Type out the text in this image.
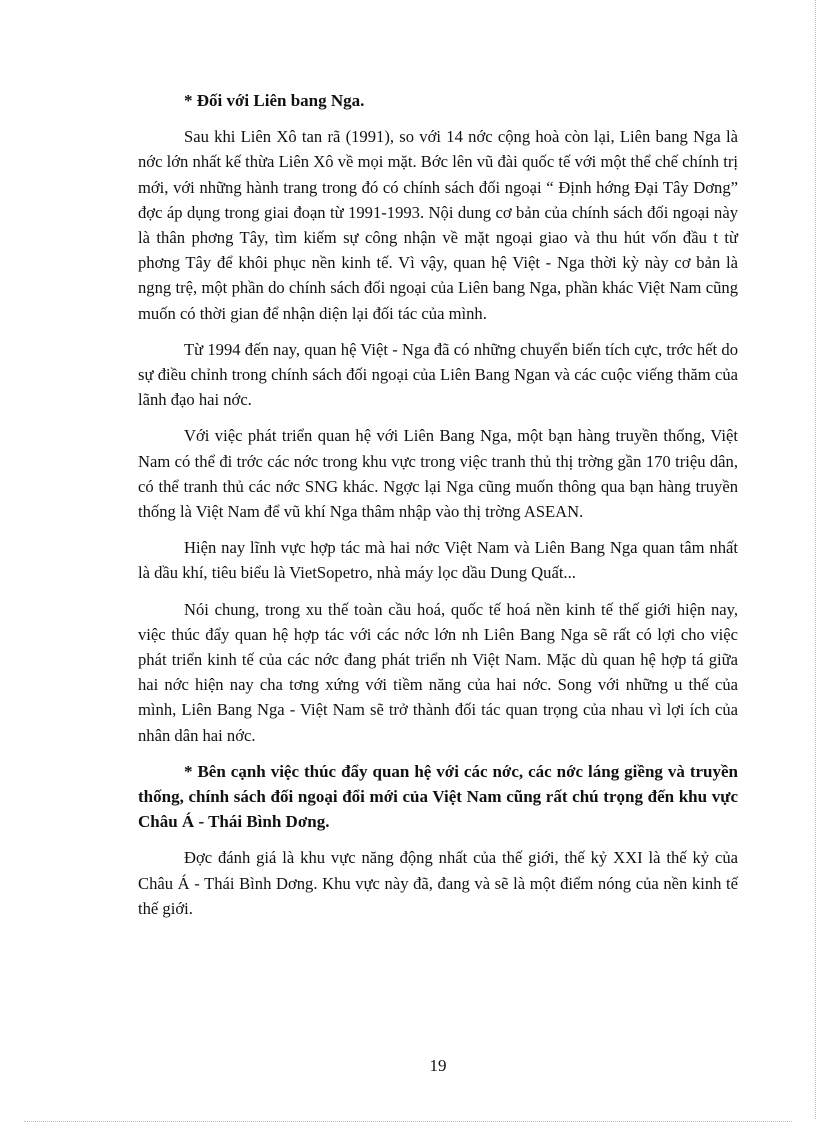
* Đối với Liên bang Nga.

Sau khi Liên Xô tan rã (1991), so với 14 nớc cộng hoà còn lại, Liên bang Nga là nớc lớn nhất kế thừa Liên Xô về mọi mặt. Bớc lên vũ đài quốc tế với một thể chế chính trị mới, với những hành trang trong đó có chính sách đối ngoại “ Định hớng Đại Tây Dơng” đợc áp dụng trong giai đoạn từ 1991-1993. Nội dung cơ bản của chính sách đối ngoại này là thân phơng Tây, tìm kiếm sự công nhận về mặt ngoại giao và thu hút vốn đầu t từ phơng Tây để khôi phục nền kinh tế. Vì vậy, quan hệ Việt - Nga thời kỳ này cơ bản là ngng trệ, một phần do chính sách đối ngoại của Liên bang Nga, phần khác Việt Nam cũng muốn có thời gian để nhận diện lại đối tác của mình.

Từ 1994 đến nay, quan hệ Việt - Nga đã có những chuyển biến tích cực, trớc hết do sự điều chỉnh trong chính sách đối ngoại của Liên Bang Ngan và các cuộc viếng thăm của lãnh đạo hai nớc.

Với việc phát triển quan hệ với Liên Bang Nga, một bạn hàng truyền thống, Việt Nam có thể đi trớc các nớc trong khu vực trong việc tranh thủ thị trờng gần 170 triệu dân, có thể tranh thủ các nớc SNG khác. Ngợc lại Nga cũng muốn thông qua bạn hàng truyền thống là Việt Nam để vũ khí Nga thâm nhập vào thị trờng ASEAN.

Hiện nay lĩnh vực hợp tác mà hai nớc Việt Nam và Liên Bang Nga quan tâm nhất là dầu khí, tiêu biểu là VietSopetro, nhà máy lọc dầu Dung Quất...

Nói chung, trong xu thế toàn cầu hoá, quốc tế hoá nền kinh tế thế giới hiện nay, việc thúc đẩy quan hệ hợp tác với các nớc lớn nh Liên Bang Nga sẽ rất có lợi cho việc phát triển kinh tế của các nớc đang phát triển nh Việt Nam. Mặc dù quan hệ hợp tá giữa hai nớc hiện nay cha tơng xứng với tiềm năng của hai nớc. Song với những u thế của mình, Liên Bang Nga - Việt Nam sẽ trở thành đối tác quan trọng của nhau vì lợi ích của nhân dân hai nớc.

* Bên cạnh việc thúc đẩy quan hệ với các nớc, các nớc láng giềng và truyền thống, chính sách đối ngoại đổi mới của Việt Nam cũng rất chú trọng đến khu vực Châu Á - Thái Bình Dơng.

Đợc đánh giá là khu vực năng động nhất của thế giới, thế kỷ XXI là thế kỷ của Châu Á - Thái Bình Dơng. Khu vực này đã, đang và sẽ là một điểm nóng của nền kinh tế thế giới.

19
